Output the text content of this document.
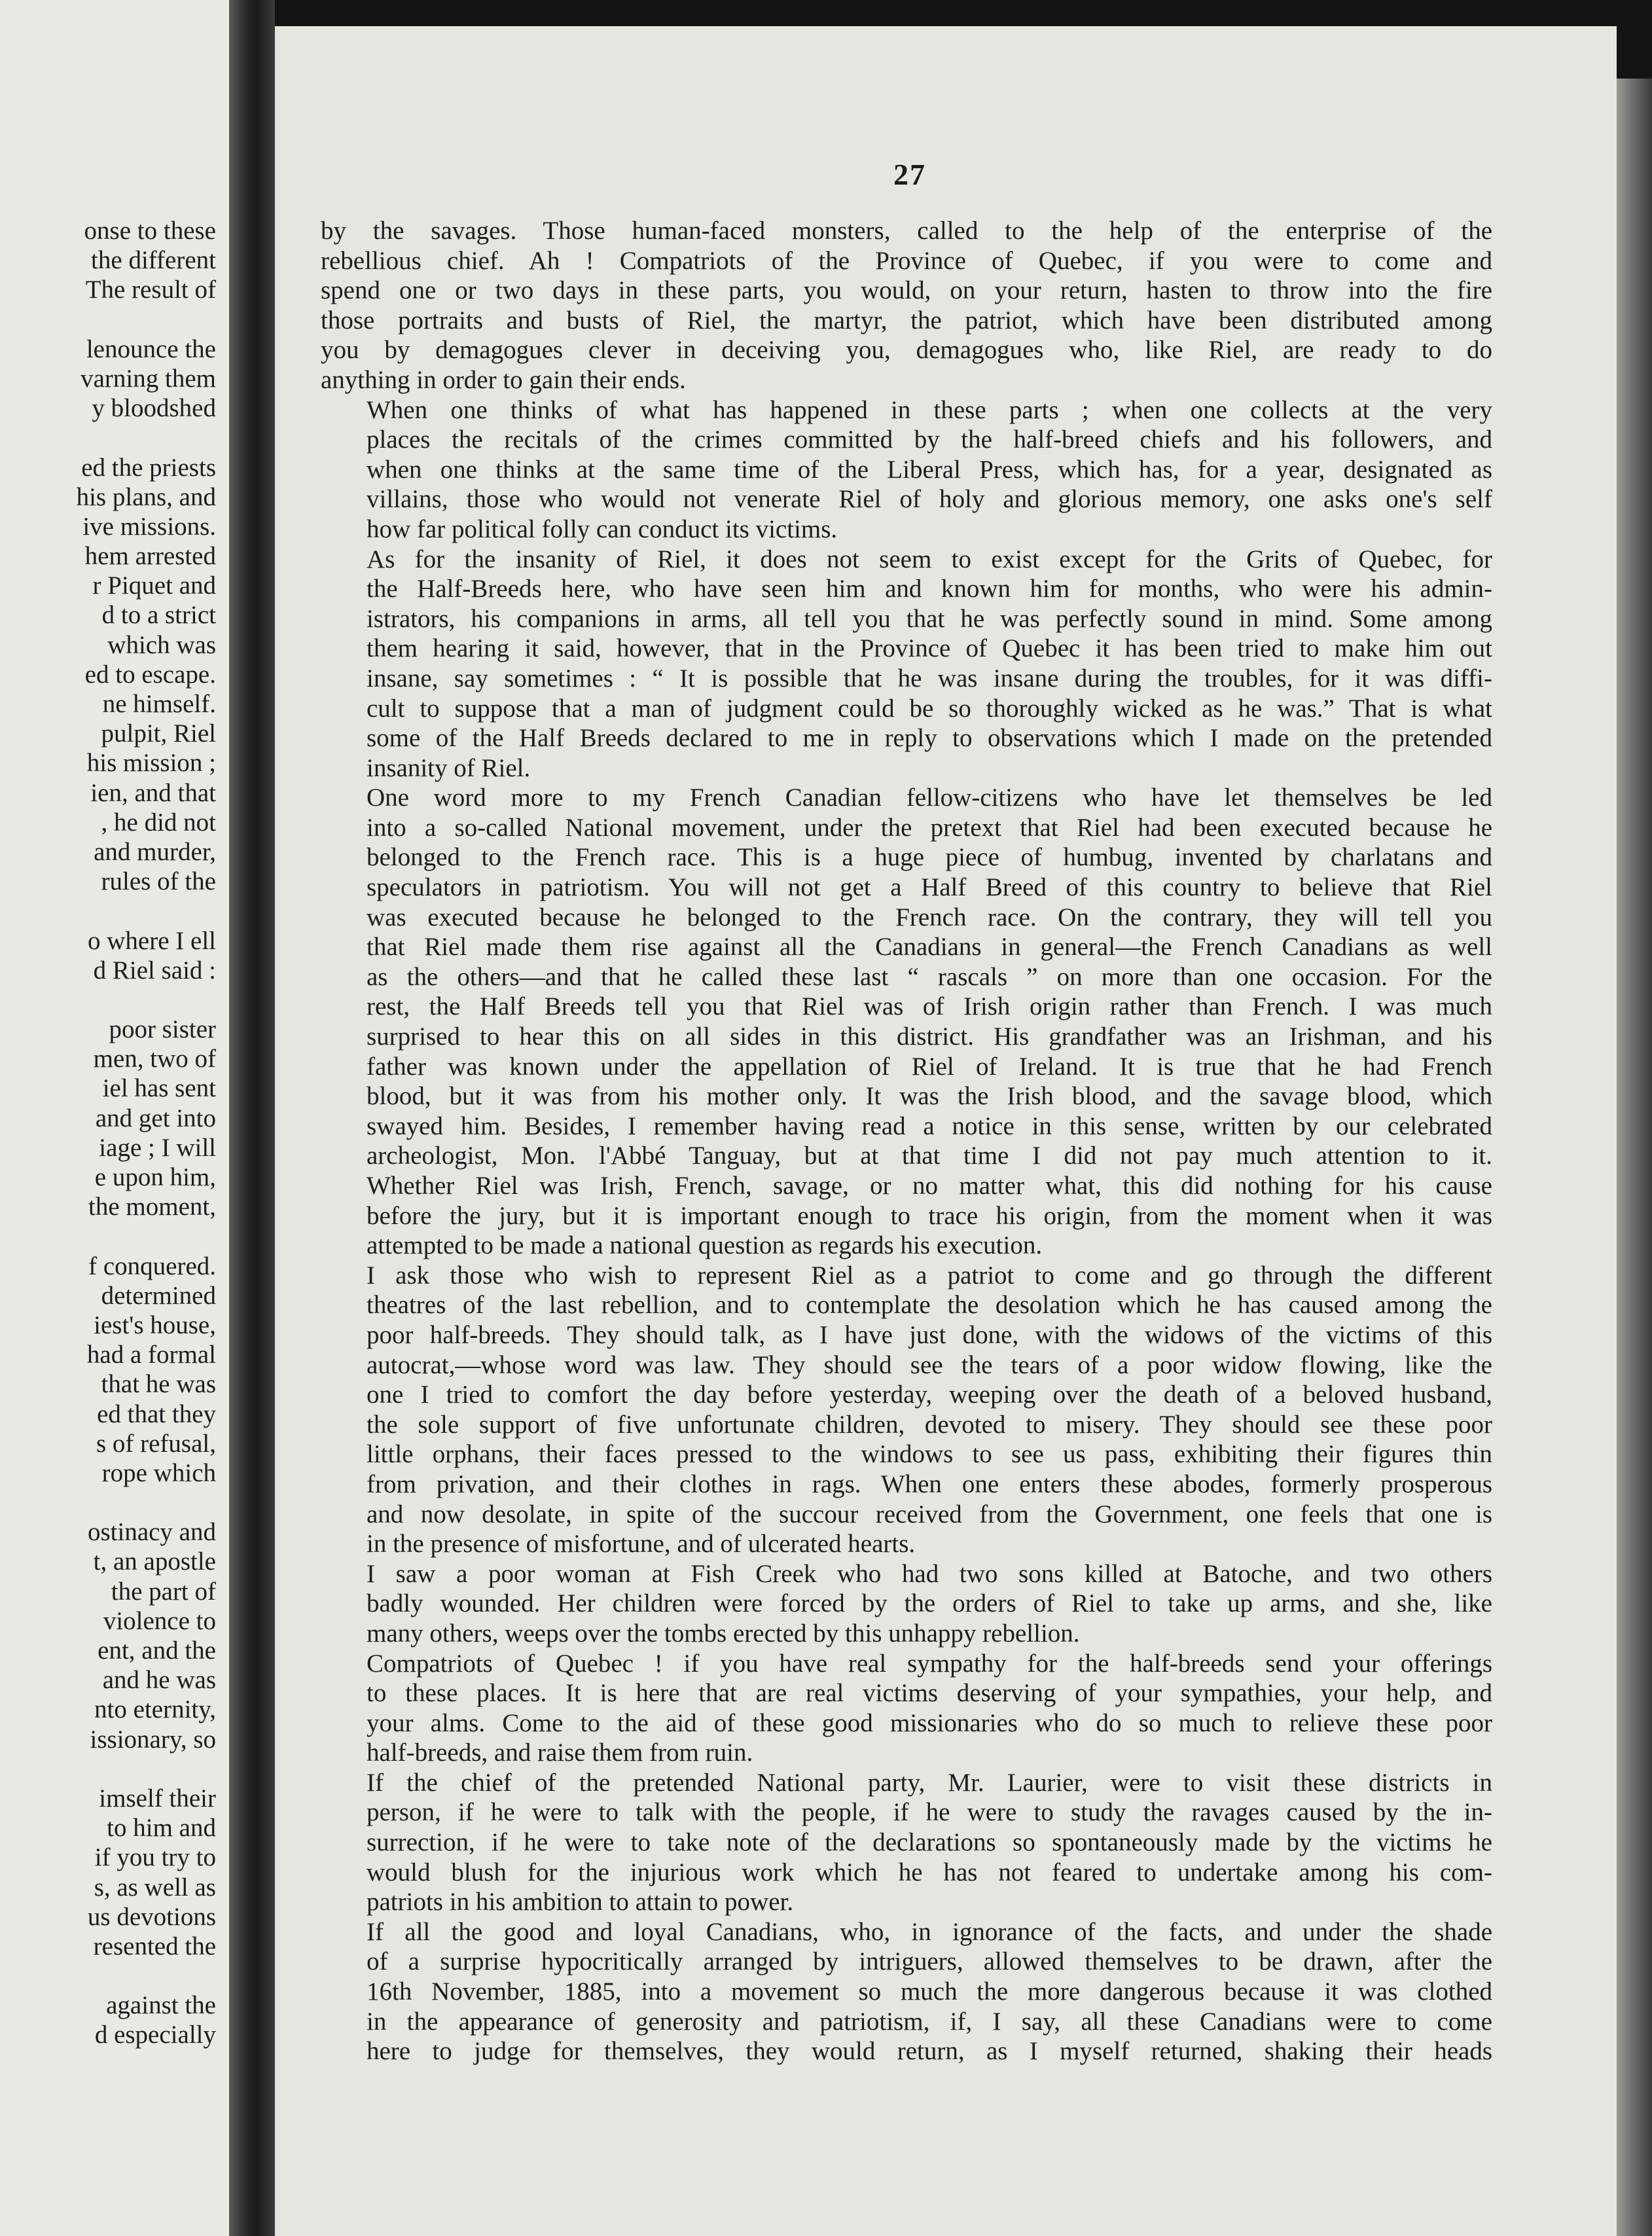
onse to these
the different
The result of
lenounce the
varning them
y bloodshed
ed the priests
his plans, and
ive missions.
hem arrested
r Piquet and
d to a strict
which was
ed to escape.
ne himself.
pulpit, Riel
his mission ;
ien, and that
, he did not
and murder,
rules of the
o where I ell
d Riel said :
poor sister
men, two of
iel has sent
and get into
iage ; I will
e upon him,
the moment,
f conquered.
determined
iest's house,
had a formal
that he was
ed that they
s of refusal,
rope which
ostinacy and
t, an apostle
the part of
violence to
ent, and the
and he was
nto eternity,
issionary, so
imself their
to him and
if you try to
s, as well as
us devotions
resented the
against the
d especially
27

by the savages. Those human-faced monsters, called to the help of the enterprise of the
rebellious chief. Ah ! Compatriots of the Province of Quebec, if you were to come and
spend one or two days in these parts, you would, on your return, hasten to throw into the fire
those portraits and busts of Riel, the martyr, the patriot, which have been distributed among
you by demagogues clever in deceiving you, demagogues who, like Riel, are ready to do
anything in order to gain their ends.

When one thinks of what has happened in these parts ; when one collects at the very
places the recitals of the crimes committed by the half-breed chiefs and his followers, and
when one thinks at the same time of the Liberal Press, which has, for a year, designated as
villains, those who would not venerate Riel of holy and glorious memory, one asks one's self
how far political folly can conduct its victims.

As for the insanity of Riel, it does not seem to exist except for the Grits of Quebec, for
the Half-Breeds here, who have seen him and known him for months, who were his admin-
istrators, his companions in arms, all tell you that he was perfectly sound in mind. Some among
them hearing it said, however, that in the Province of Quebec it has been tried to make him out
insane, say sometimes : “ It is possible that he was insane during the troubles, for it was diffi-
cult to suppose that a man of judgment could be so thoroughly wicked as he was.” That is what
some of the Half Breeds declared to me in reply to observations which I made on the pretended
insanity of Riel.

One word more to my French Canadian fellow-citizens who have let themselves be led
into a so-called National movement, under the pretext that Riel had been executed because he
belonged to the French race. This is a huge piece of humbug, invented by charlatans and
speculators in patriotism. You will not get a Half Breed of this country to believe that Riel
was executed because he belonged to the French race. On the contrary, they will tell you
that Riel made them rise against all the Canadians in general—the French Canadians as well
as the others—and that he called these last “ rascals ” on more than one occasion. For the
rest, the Half Breeds tell you that Riel was of Irish origin rather than French. I was much
surprised to hear this on all sides in this district. His grandfather was an Irishman, and his
father was known under the appellation of Riel of Ireland. It is true that he had French
blood, but it was from his mother only. It was the Irish blood, and the savage blood, which
swayed him. Besides, I remember having read a notice in this sense, written by our celebrated
archeologist, Mon. l'Abbé Tanguay, but at that time I did not pay much attention to it.
Whether Riel was Irish, French, savage, or no matter what, this did nothing for his cause
before the jury, but it is important enough to trace his origin, from the moment when it was
attempted to be made a national question as regards his execution.

I ask those who wish to represent Riel as a patriot to come and go through the different
theatres of the last rebellion, and to contemplate the desolation which he has caused among the
poor half-breeds. They should talk, as I have just done, with the widows of the victims of this
autocrat,—whose word was law. They should see the tears of a poor widow flowing, like the
one I tried to comfort the day before yesterday, weeping over the death of a beloved husband,
the sole support of five unfortunate children, devoted to misery. They should see these poor
little orphans, their faces pressed to the windows to see us pass, exhibiting their figures thin
from privation, and their clothes in rags. When one enters these abodes, formerly prosperous
and now desolate, in spite of the succour received from the Government, one feels that one is
in the presence of misfortune, and of ulcerated hearts.

I saw a poor woman at Fish Creek who had two sons killed at Batoche, and two others
badly wounded. Her children were forced by the orders of Riel to take up arms, and she, like
many others, weeps over the tombs erected by this unhappy rebellion.

Compatriots of Quebec ! if you have real sympathy for the half-breeds send your offerings
to these places. It is here that are real victims deserving of your sympathies, your help, and
your alms. Come to the aid of these good missionaries who do so much to relieve these poor
half-breeds, and raise them from ruin.

If the chief of the pretended National party, Mr. Laurier, were to visit these districts in
person, if he were to talk with the people, if he were to study the ravages caused by the in-
surrection, if he were to take note of the declarations so spontaneously made by the victims he
would blush for the injurious work which he has not feared to undertake among his com-
patriots in his ambition to attain to power.

If all the good and loyal Canadians, who, in ignorance of the facts, and under the shade
of a surprise hypocritically arranged by intriguers, allowed themselves to be drawn, after the
16th November, 1885, into a movement so much the more dangerous because it was clothed
in the appearance of generosity and patriotism, if, I say, all these Canadians were to come
here to judge for themselves, they would return, as I myself returned, shaking their heads
